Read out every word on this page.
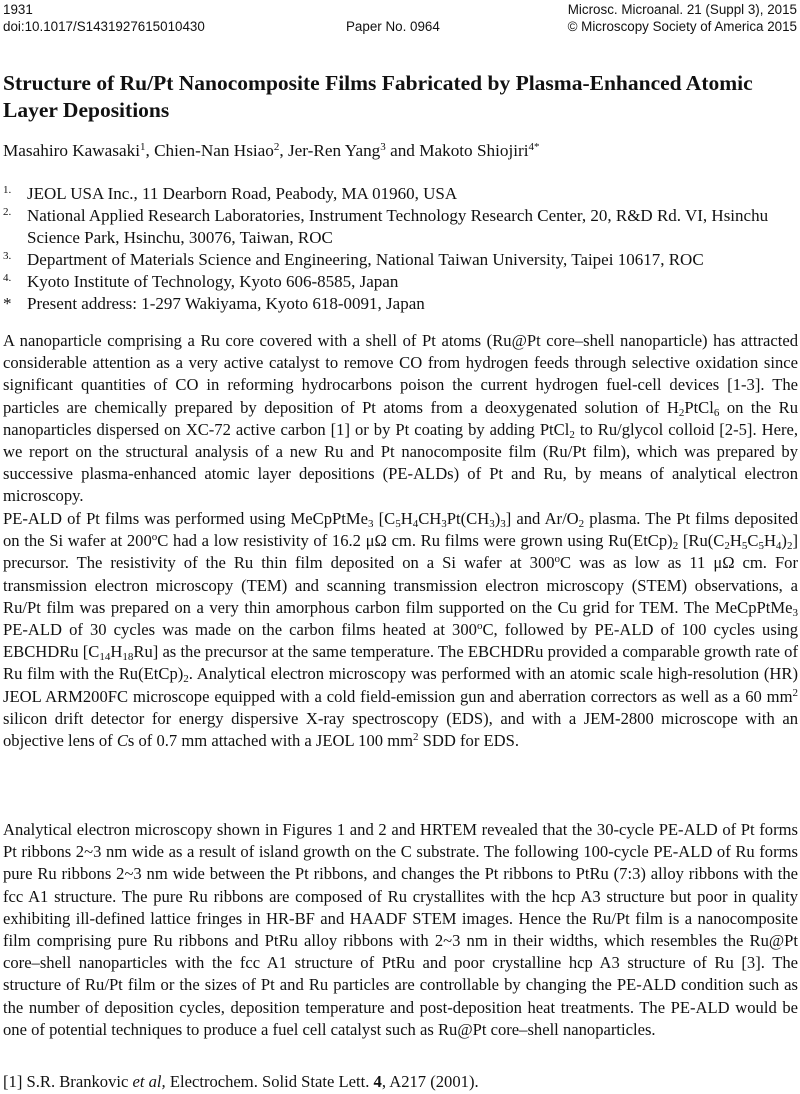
1931	Microsc. Microanal. 21 (Suppl 3), 2015
doi:10.1017/S1431927615010430	Paper No. 0964	© Microscopy Society of America 2015
Structure of Ru/Pt Nanocomposite Films Fabricated by Plasma-Enhanced Atomic Layer Depositions
Masahiro Kawasaki$^1$, Chien-Nan Hsiao$^2$, Jer-Ren Yang$^3$ and Makoto Shiojiri$^{4*}$
$^{1.}$ JEOL USA Inc., 11 Dearborn Road, Peabody, MA 01960, USA
$^{2.}$ National Applied Research Laboratories, Instrument Technology Research Center, 20, R&D Rd. VI, Hsinchu Science Park, Hsinchu, 30076, Taiwan, ROC
$^{3.}$ Department of Materials Science and Engineering, National Taiwan University, Taipei 10617, ROC
$^{4.}$ Kyoto Institute of Technology, Kyoto 606-8585, Japan
* Present address: 1-297 Wakiyama, Kyoto 618-0091, Japan

A nanoparticle comprising a Ru core covered with a shell of Pt atoms (Ru@Pt core–shell nanoparticle) has attracted considerable attention as a very active catalyst to remove CO from hydrogen feeds through selective oxidation since significant quantities of CO in reforming hydrocarbons poison the current hydrogen fuel-cell devices [1-3]. The particles are chemically prepared by deposition of Pt atoms from a deoxygenated solution of $H_2PtCl_6$ on the Ru nanoparticles dispersed on XC-72 active carbon [1] or by Pt coating by adding PtCl$_2$ to Ru/glycol colloid [2-5]. Here, we report on the structural analysis of a new Ru and Pt nanocomposite film (Ru/Pt film), which was prepared by successive plasma-enhanced atomic layer depositions (PE-ALDs) of Pt and Ru, by means of analytical electron microscopy.

PE-ALD of Pt films was performed using MeCpPtMe$_3$ $[C_5H_4CH_3Pt(CH_3)_3]$ and $Ar/O_2$ plasma. The Pt films deposited on the Si wafer at 200$^o$C had a low resistivity of 16.2 μΩ cm. Ru films were grown using $Ru(EtCp)_2$ $[Ru(C_2H_5C_5H_4)_2]$ precursor. The resistivity of the Ru thin film deposited on a Si wafer at 300$^o$C was as low as 11 μΩ cm. For transmission electron microscopy (TEM) and scanning transmission electron microscopy (STEM) observations, a Ru/Pt film was prepared on a very thin amorphous carbon film supported on the Cu grid for TEM. The MeCpPtMe$_3$ PE-ALD of 30 cycles was made on the carbon films heated at 300$^o$C, followed by PE-ALD of 100 cycles using EBCHDRu $[C_{14}H_{18}Ru]$ as the precursor at the same temperature. The EBCHDRu provided a comparable growth rate of Ru film with the $Ru(EtCp)_2$. Analytical electron microscopy was performed with an atomic scale high-resolution (HR) JEOL ARM200FC microscope equipped with a cold field-emission gun and aberration correctors as well as a 60 $mm^2$ silicon drift detector for energy dispersive X-ray spectroscopy (EDS), and with a JEM-2800 microscope with an objective lens of Cs of 0.7 mm attached with a JEOL 100 $mm^2$ SDD for EDS.

Analytical electron microscopy shown in Figures 1 and 2 and HRTEM revealed that the 30-cycle PE-ALD of Pt forms Pt ribbons 2~3 nm wide as a result of island growth on the C substrate. The following 100-cycle PE-ALD of Ru forms pure Ru ribbons 2~3 nm wide between the Pt ribbons, and changes the Pt ribbons to PtRu (7:3) alloy ribbons with the fcc A1 structure. The pure Ru ribbons are composed of Ru crystallites with the hcp A3 structure but poor in quality exhibiting ill-defined lattice fringes in HR-BF and HAADF STEM images. Hence the Ru/Pt film is a nanocomposite film comprising pure Ru ribbons and PtRu alloy ribbons with 2~3 nm in their widths, which resembles the Ru@Pt core–shell nanoparticles with the fcc A1 structure of PtRu and poor crystalline hcp A3 structure of Ru [3]. The structure of Ru/Pt film or the sizes of Pt and Ru particles are controllable by changing the PE-ALD condition such as the number of deposition cycles, deposition temperature and post-deposition heat treatments. The PE-ALD would be one of potential techniques to produce a fuel cell catalyst such as Ru@Pt core–shell nanoparticles.

[1] S.R. Brankovic et al, Electrochem. Solid State Lett. 4, A217 (2001).
